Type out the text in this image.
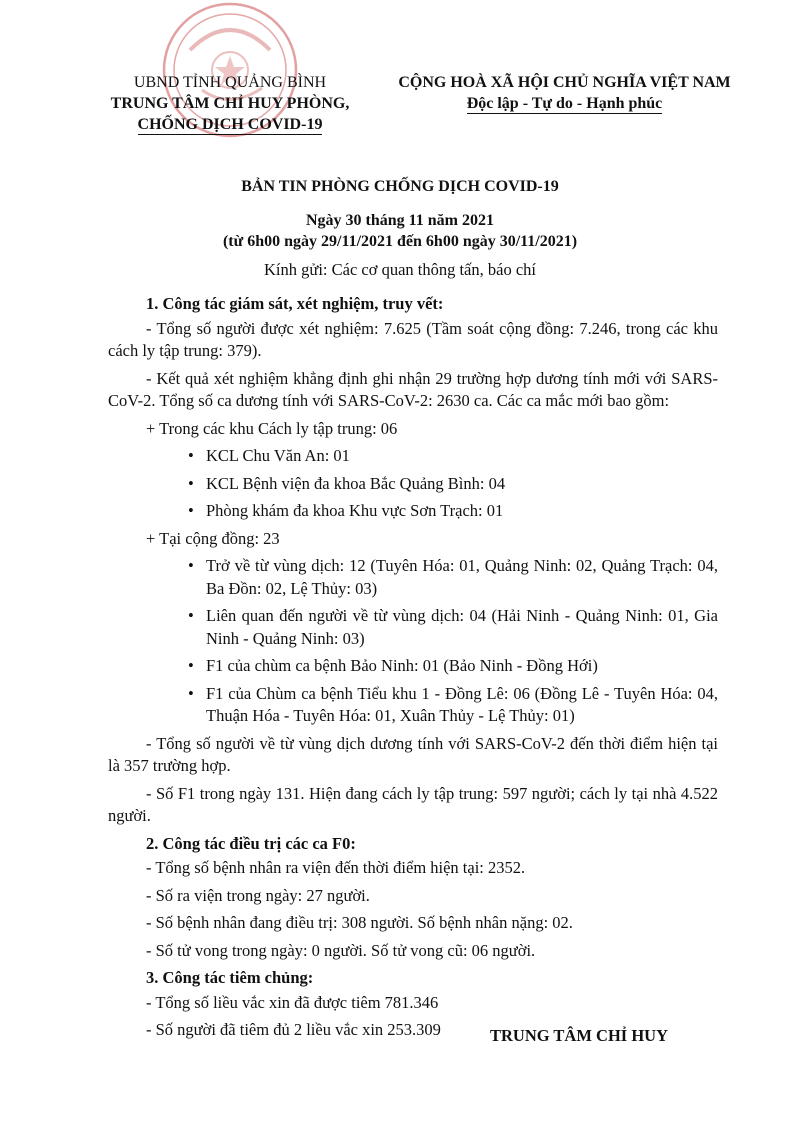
UBND TỈNH QUẢNG BÌNH
TRUNG TÂM CHỈ HUY PHÒNG,
CHỐNG DỊCH COVID-19
CỘNG HOÀ XÃ HỘI CHỦ NGHĨA VIỆT NAM
Độc lập - Tự do - Hạnh phúc
BẢN TIN PHÒNG CHỐNG DỊCH COVID-19
Ngày 30 tháng 11 năm 2021
(từ 6h00 ngày 29/11/2021 đến 6h00 ngày 30/11/2021)
Kính gửi: Các cơ quan thông tấn, báo chí
1. Công tác giám sát, xét nghiệm, truy vết:
- Tổng số người được xét nghiệm: 7.625 (Tầm soát cộng đồng: 7.246, trong các khu cách ly tập trung: 379).
- Kết quả xét nghiệm khẳng định ghi nhận 29 trường hợp dương tính mới với SARS-CoV-2. Tổng số ca dương tính với SARS-CoV-2: 2630 ca. Các ca mắc mới bao gồm:
+ Trong các khu Cách ly tập trung: 06
• KCL Chu Văn An: 01
• KCL Bệnh viện đa khoa Bắc Quảng Bình: 04
• Phòng khám đa khoa Khu vực Sơn Trạch: 01
+ Tại cộng đồng: 23
• Trở về từ vùng dịch: 12 (Tuyên Hóa: 01, Quảng Ninh: 02, Quảng Trạch: 04, Ba Đồn: 02, Lệ Thủy: 03)
• Liên quan đến người về từ vùng dịch: 04 (Hải Ninh - Quảng Ninh: 01, Gia Ninh - Quảng Ninh: 03)
• F1 của chùm ca bệnh Bảo Ninh: 01 (Bảo Ninh - Đồng Hới)
• F1 của Chùm ca bệnh Tiểu khu 1 - Đồng Lê: 06 (Đồng Lê - Tuyên Hóa: 04, Thuận Hóa - Tuyên Hóa: 01, Xuân Thủy - Lệ Thủy: 01)
- Tổng số người về từ vùng dịch dương tính với SARS-CoV-2 đến thời điểm hiện tại là 357 trường hợp.
- Số F1 trong ngày 131. Hiện đang cách ly tập trung: 597 người; cách ly tại nhà 4.522 người.
2. Công tác điều trị các ca F0:
- Tổng số bệnh nhân ra viện đến thời điểm hiện tại: 2352.
- Số ra viện trong ngày: 27 người.
- Số bệnh nhân đang điều trị: 308 người. Số bệnh nhân nặng: 02.
- Số tử vong trong ngày: 0 người. Số tử vong cũ: 06 người.
3. Công tác tiêm chủng:
- Tổng số liều vắc xin đã được tiêm 781.346
- Số người đã tiêm đủ 2 liều vắc xin 253.309	TRUNG TÂM CHỈ HUY
